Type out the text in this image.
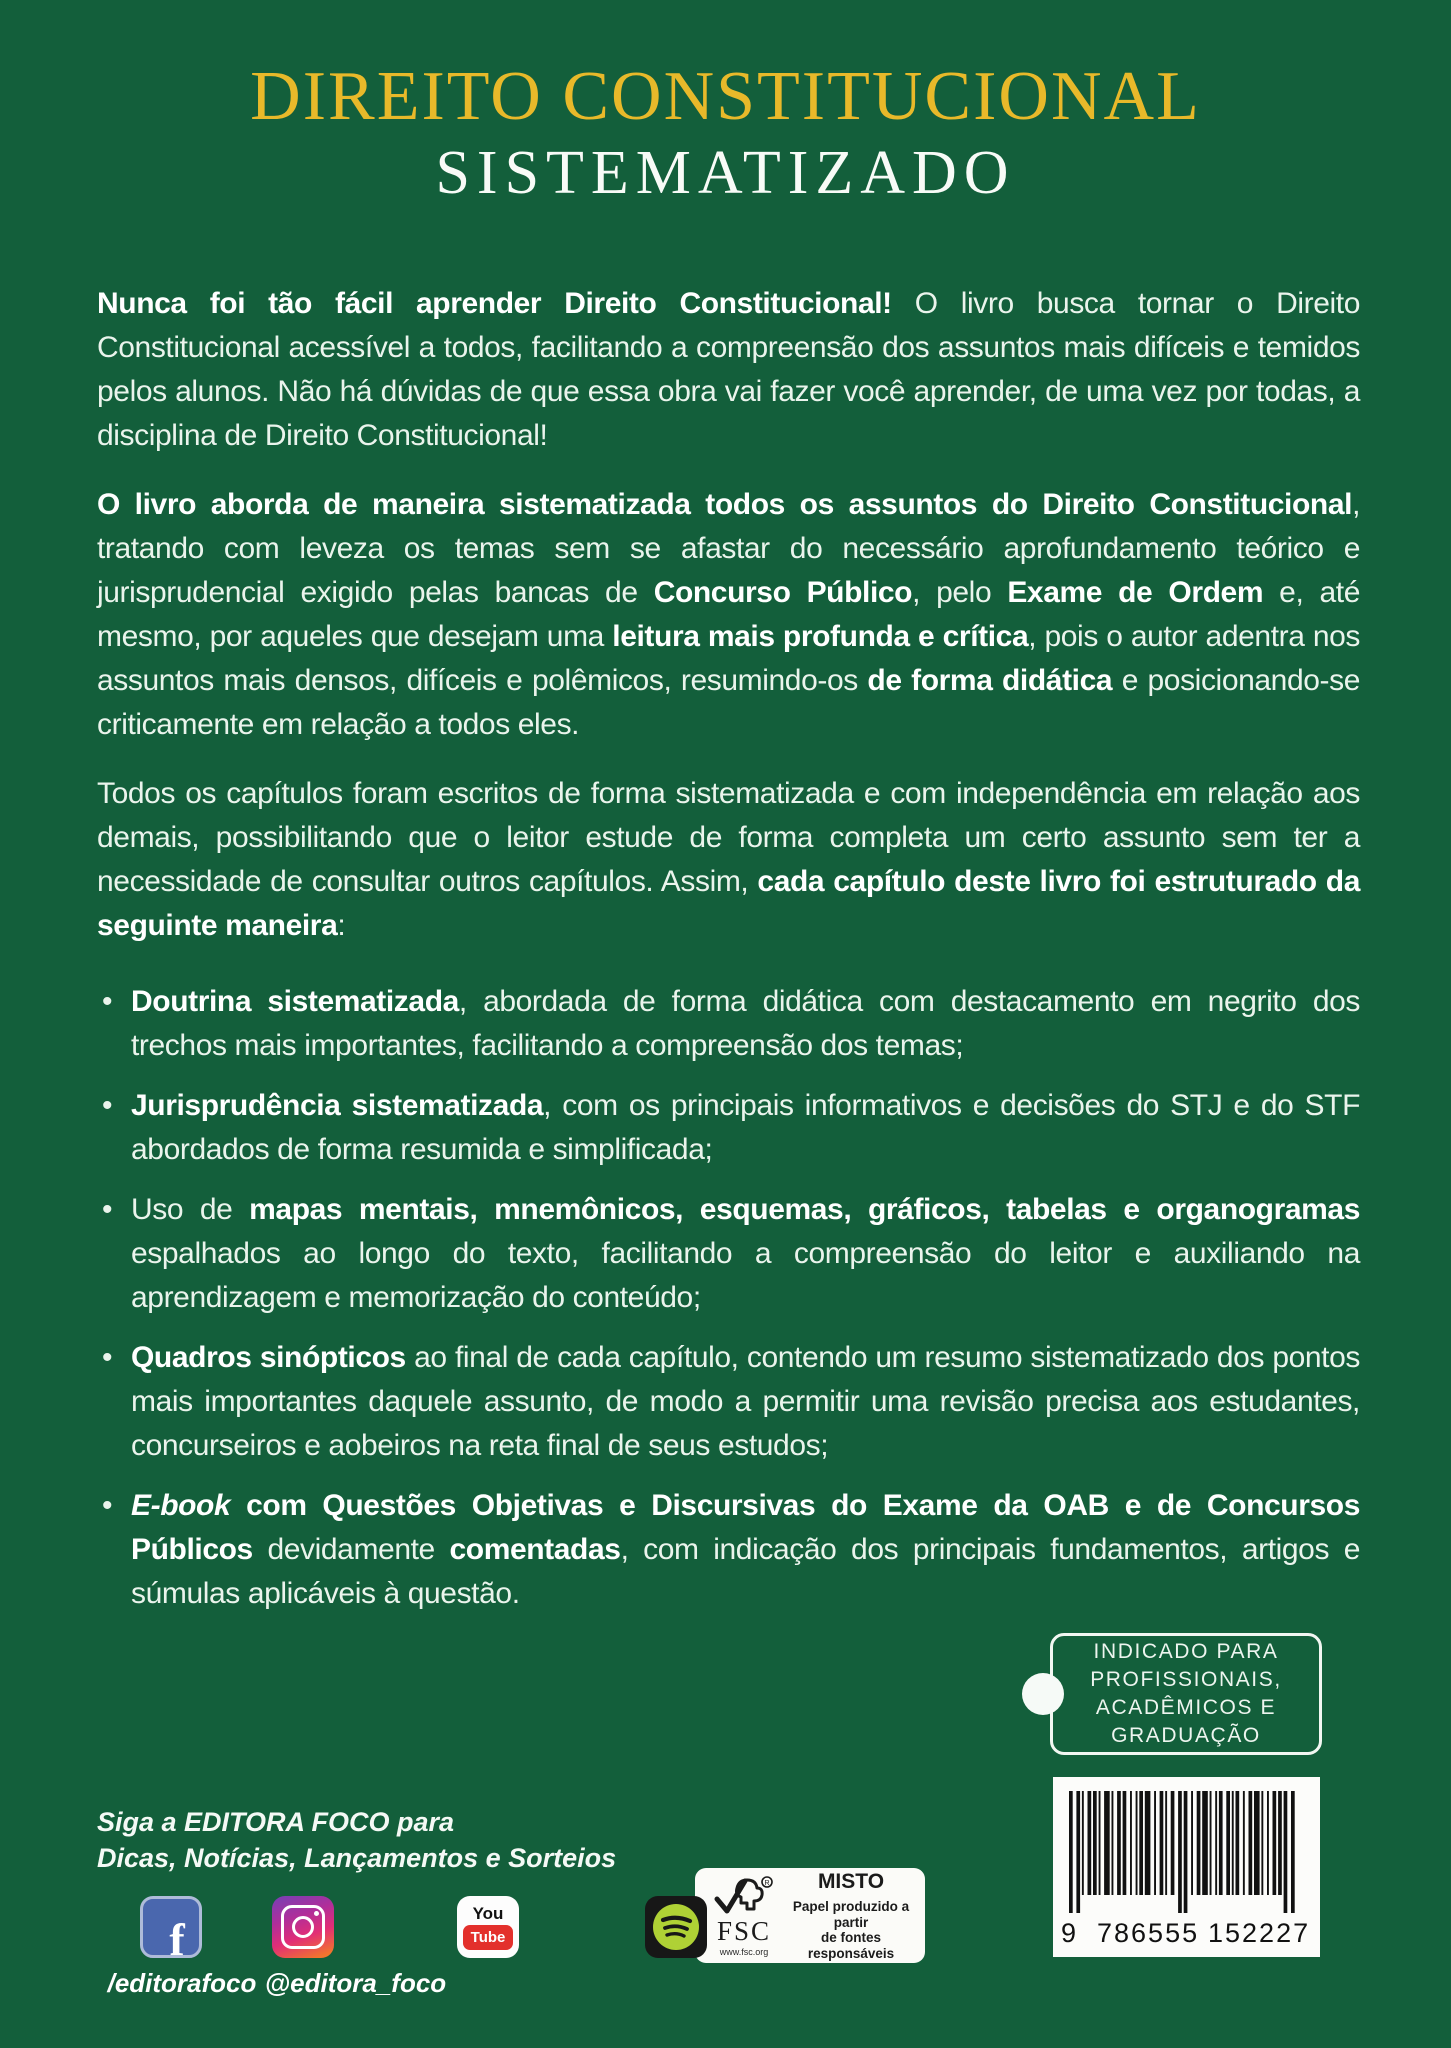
DIREITO CONSTITUCIONAL
SISTEMATIZADO

Nunca foi tão fácil aprender Direito Constitucional! O livro busca tornar o Direito Constitucional acessível a todos, facilitando a compreensão dos assuntos mais difíceis e temidos pelos alunos. Não há dúvidas de que essa obra vai fazer você aprender, de uma vez por todas, a disciplina de Direito Constitucional!

O livro aborda de maneira sistematizada todos os assuntos do Direito Constitucional, tratando com leveza os temas sem se afastar do necessário aprofundamento teórico e jurisprudencial exigido pelas bancas de Concurso Público, pelo Exame de Ordem e, até mesmo, por aqueles que desejam uma leitura mais profunda e crítica, pois o autor adentra nos assuntos mais densos, difíceis e polêmicos, resumindo-os de forma didática e posicionando-se criticamente em relação a todos eles.

Todos os capítulos foram escritos de forma sistematizada e com independência em relação aos demais, possibilitando que o leitor estude de forma completa um certo assunto sem ter a necessidade de consultar outros capítulos. Assim, cada capítulo deste livro foi estruturado da seguinte maneira:

• Doutrina sistematizada, abordada de forma didática com destacamento em negrito dos trechos mais importantes, facilitando a compreensão dos temas;
• Jurisprudência sistematizada, com os principais informativos e decisões do STJ e do STF abordados de forma resumida e simplificada;
• Uso de mapas mentais, mnemônicos, esquemas, gráficos, tabelas e organogramas espalhados ao longo do texto, facilitando a compreensão do leitor e auxiliando na aprendizagem e memorização do conteúdo;
• Quadros sinópticos ao final de cada capítulo, contendo um resumo sistematizado dos pontos mais importantes daquele assunto, de modo a permitir uma revisão precisa aos estudantes, concurseiros e aobeiros na reta final de seus estudos;
• E-book com Questões Objetivas e Discursivas do Exame da OAB e de Concursos Públicos devidamente comentadas, com indicação dos principais fundamentos, artigos e súmulas aplicáveis à questão.
INDICADO PARA
PROFISSIONAIS,
ACADÊMICOS E
GRADUAÇÃO
9 786555 152227
R
FSC
www.fsc.org
MISTO
Papel produzido a partir
de fontes responsáveis
Siga a EDITORA FOCO para
Dicas, Notícias, Lançamentos e Sorteios
f
You
Tube
/editorafoco @editora_foco
